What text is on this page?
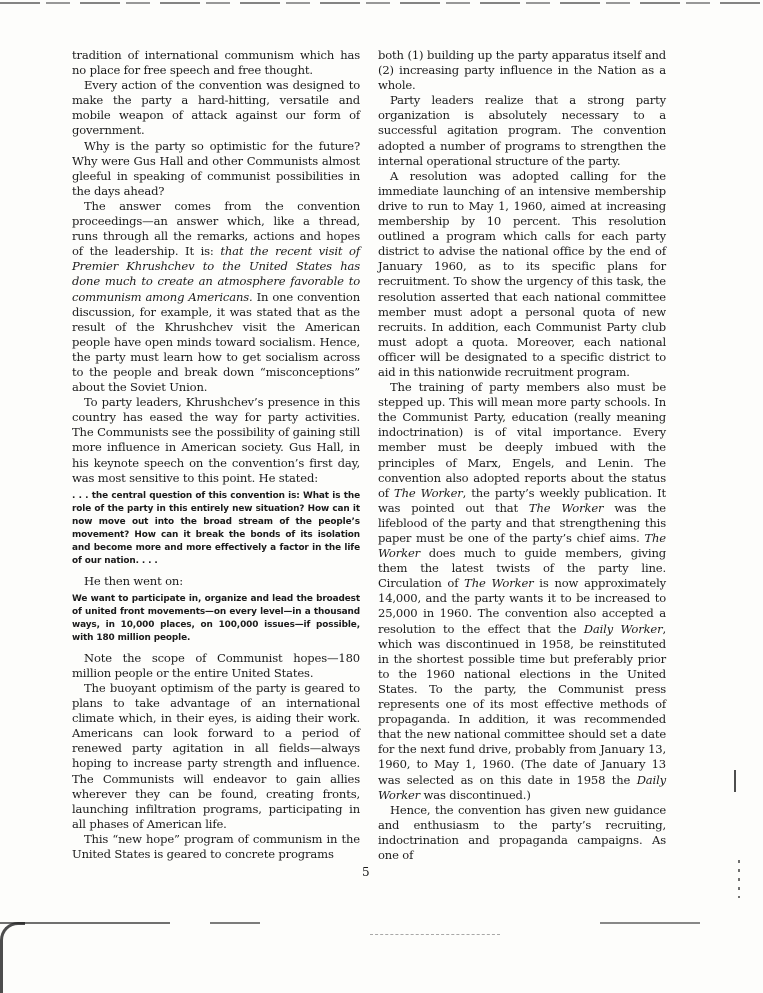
tradition of international communism which has no place for free speech and free thought.

Every action of the convention was designed to make the party a hard-hitting, versatile and mobile weapon of attack against our form of government.

Why is the party so optimistic for the future? Why were Gus Hall and other Communists almost gleeful in speaking of communist possibilities in the days ahead?

The answer comes from the convention proceedings—an answer which, like a thread, runs through all the remarks, actions and hopes of the leadership. It is: that the recent visit of Premier Khrushchev to the United States has done much to create an atmosphere favorable to communism among Americans. In one convention discussion, for example, it was stated that as the result of the Khrushchev visit the American people have open minds toward socialism. Hence, the party must learn how to get socialism across to the people and break down “misconceptions” about the Soviet Union.

To party leaders, Khrushchev’s presence in this country has eased the way for party activities. The Communists see the possibility of gaining still more influence in American society. Gus Hall, in his keynote speech on the convention’s first day, was most sensitive to this point. He stated:

. . . the central question of this convention is: What is the role of the party in this entirely new situation? How can it now move out into the broad stream of the people’s movement? How can it break the bonds of its isolation and become more and more effectively a factor in the life of our nation. . . .

He then went on:

We want to participate in, organize and lead the broadest of united front movements—on every level—in a thousand ways, in 10,000 places, on 100,000 issues—if possible, with 180 million people.

Note the scope of Communist hopes—180 million people or the entire United States.

The buoyant optimism of the party is geared to plans to take advantage of an international climate which, in their eyes, is aiding their work. Americans can look forward to a period of renewed party agitation in all fields—always hoping to increase party strength and influence. The Communists will endeavor to gain allies wherever they can be found, creating fronts, launching infiltration programs, participating in all phases of American life.

This “new hope” program of communism in the United States is geared to concrete programs

both (1) building up the party apparatus itself and (2) increasing party influence in the Nation as a whole.

Party leaders realize that a strong party organization is absolutely necessary to a successful agitation program. The convention adopted a number of programs to strengthen the internal operational structure of the party.

A resolution was adopted calling for the immediate launching of an intensive membership drive to run to May 1, 1960, aimed at increasing membership by 10 percent. This resolution outlined a program which calls for each party district to advise the national office by the end of January 1960, as to its specific plans for recruitment. To show the urgency of this task, the resolution asserted that each national committee member must adopt a personal quota of new recruits. In addition, each Communist Party club must adopt a quota. Moreover, each national officer will be designated to a specific district to aid in this nationwide recruitment program.

The training of party members also must be stepped up. This will mean more party schools. In the Communist Party, education (really meaning indoctrination) is of vital importance. Every member must be deeply imbued with the principles of Marx, Engels, and Lenin. The convention also adopted reports about the status of The Worker, the party’s weekly publication. It was pointed out that The Worker was the lifeblood of the party and that strengthening this paper must be one of the party’s chief aims. The Worker does much to guide members, giving them the latest twists of the party line. Circulation of The Worker is now approximately 14,000, and the party wants it to be increased to 25,000 in 1960. The convention also accepted a resolution to the effect that the Daily Worker, which was discontinued in 1958, be reinstituted in the shortest possible time but preferably prior to the 1960 national elections in the United States. To the party, the Communist press represents one of its most effective methods of propaganda. In addition, it was recommended that the new national committee should set a date for the next fund drive, probably from January 13, 1960, to May 1, 1960. (The date of January 13 was selected as on this date in 1958 the Daily Worker was discontinued.)

Hence, the convention has given new guidance and enthusiasm to the party’s recruiting, indoctrination and propaganda campaigns. As one of

5
